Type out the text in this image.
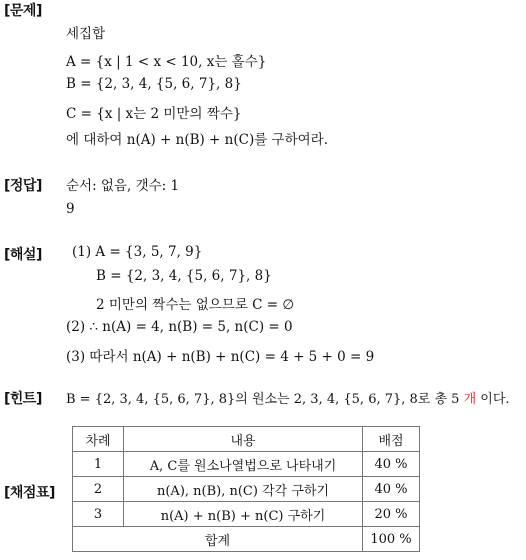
[문제]
세집합
A = {x | 1 < x < 10, x는 홀수}
B = {2, 3, 4, {5, 6, 7}, 8}
C = {x | x는 2 미만의 짝수}
에 대하여 n(A) + n(B) + n(C)를 구하여라.
[정답] 순서: 없음, 갯수: 1
9
[해설] (1) A = {3, 5, 7, 9}
B = {2, 3, 4, {5, 6, 7}, 8}
2 미만의 짝수는 없으므로 C = ∅
(2) ∴ n(A) = 4, n(B) = 5, n(C) = 0
(3) 따라서 n(A) + n(B) + n(C) = 4 + 5 + 0 = 9
[힌트] B = {2, 3, 4, {5, 6, 7}, 8}의 원소는 2, 3, 4, {5, 6, 7}, 8로 총 5 개 이다.
[채점표]
차례	내용	배점
1	A, C를 원소나열법으로 나타내기	40 %
2	n(A), n(B), n(C) 각각 구하기	40 %
3	n(A) + n(B) + n(C) 구하기	20 %
합계		100 %
